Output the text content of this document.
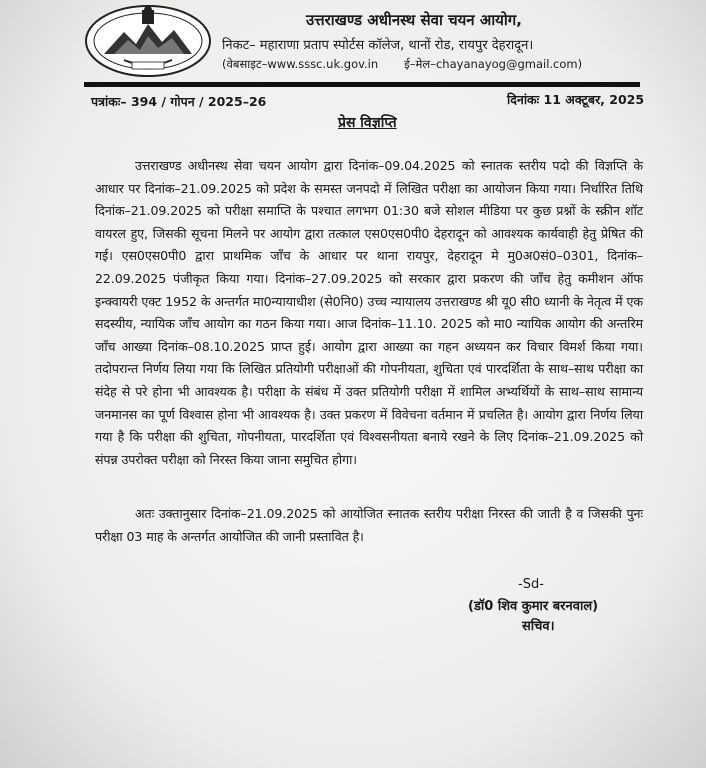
उत्तराखण्ड अधीनस्थ सेवा चयन आयोग,
निकट– महाराणा प्रताप स्पोर्टस कॉलेज, थानों रोड, रायपुर देहरादून।
(वेबसाइट–www.sssc.uk.gov.in ई–मेल–chayanayog@gmail.com)
पत्रांकः– 394 / गोपन / 2025–26	दिनांकः 11 अक्टूबर, 2025
प्रेस विज्ञप्ति

उत्तराखण्ड अधीनस्थ सेवा चयन आयोग द्वारा दिनांक–09.04.2025 को स्नातक स्तरीय पदो की विज्ञप्ति के आधार पर दिनांक–21.09.2025 को प्रदेश के समस्त जनपदो में लिखित परीक्षा का आयोजन किया गया। निर्धारित तिथि दिनांक–21.09.2025 को परीक्षा समाप्ति के पश्चात लगभग 01:30 बजे सोशल मीडिया पर कुछ प्रश्नों के स्क्रीन शॉट वायरल हुए, जिसकी सूचना मिलने पर आयोग द्वारा तत्काल एस0एस0पी0 देहरादून को आवश्यक कार्यवाही हेतु प्रेषित की गई। एस0एस0पी0 द्वारा प्राथमिक जाँच के आधार पर थाना रायपुर, देहरादून मे मु0अ0सं0–0301, दिनांक–22.09.2025 पंजीकृत किया गया। दिनांक–27.09.2025 को सरकार द्वारा प्रकरण की जाँच हेतु कमीशन ऑफ इन्क्वायरी एक्ट 1952 के अन्तर्गत मा0न्यायाधीश (से0नि0) उच्च न्यायालय उत्तराखण्ड श्री यू0 सी0 ध्यानी के नेतृत्व में एक सदस्यीय, न्यायिक जाँच आयोग का गठन किया गया। आज दिनांक–11.10. 2025 को मा0 न्यायिक आयोग की अन्तरिम जाँच आख्या दिनांक–08.10.2025 प्राप्त हुई। आयोग द्वारा आख्या का गहन अध्ययन कर विचार विमर्श किया गया। तदोपरान्त निर्णय लिया गया कि लिखित प्रतियोगी परीक्षाओं की गोपनीयता, शुचिता एवं पारदर्शिता के साथ–साथ परीक्षा का संदेह से परे होना भी आवश्यक है। परीक्षा के संबंध में उक्त प्रतियोगी परीक्षा में शामिल अभ्यर्थियों के साथ–साथ सामान्य जनमानस का पूर्ण विश्वास होना भी आवश्यक है। उक्त प्रकरण में विवेचना वर्तमान में प्रचलित है। आयोग द्वारा निर्णय लिया गया है कि परीक्षा की शुचिता, गोपनीयता, पारदर्शिता एवं विश्वसनीयता बनाये रखने के लिए दिनांक–21.09.2025 को संपन्न उपरोक्त परीक्षा को निरस्त किया जाना समुचित होगा।

अतः उक्तानुसार दिनांक–21.09.2025 को आयोजित स्नातक स्तरीय परीक्षा निरस्त की जाती है व जिसकी पुनः परीक्षा 03 माह के अन्तर्गत आयोजित की जानी प्रस्तावित है।

-Sd-
(डॉ0 शिव कुमार बरनवाल)
सचिव।
